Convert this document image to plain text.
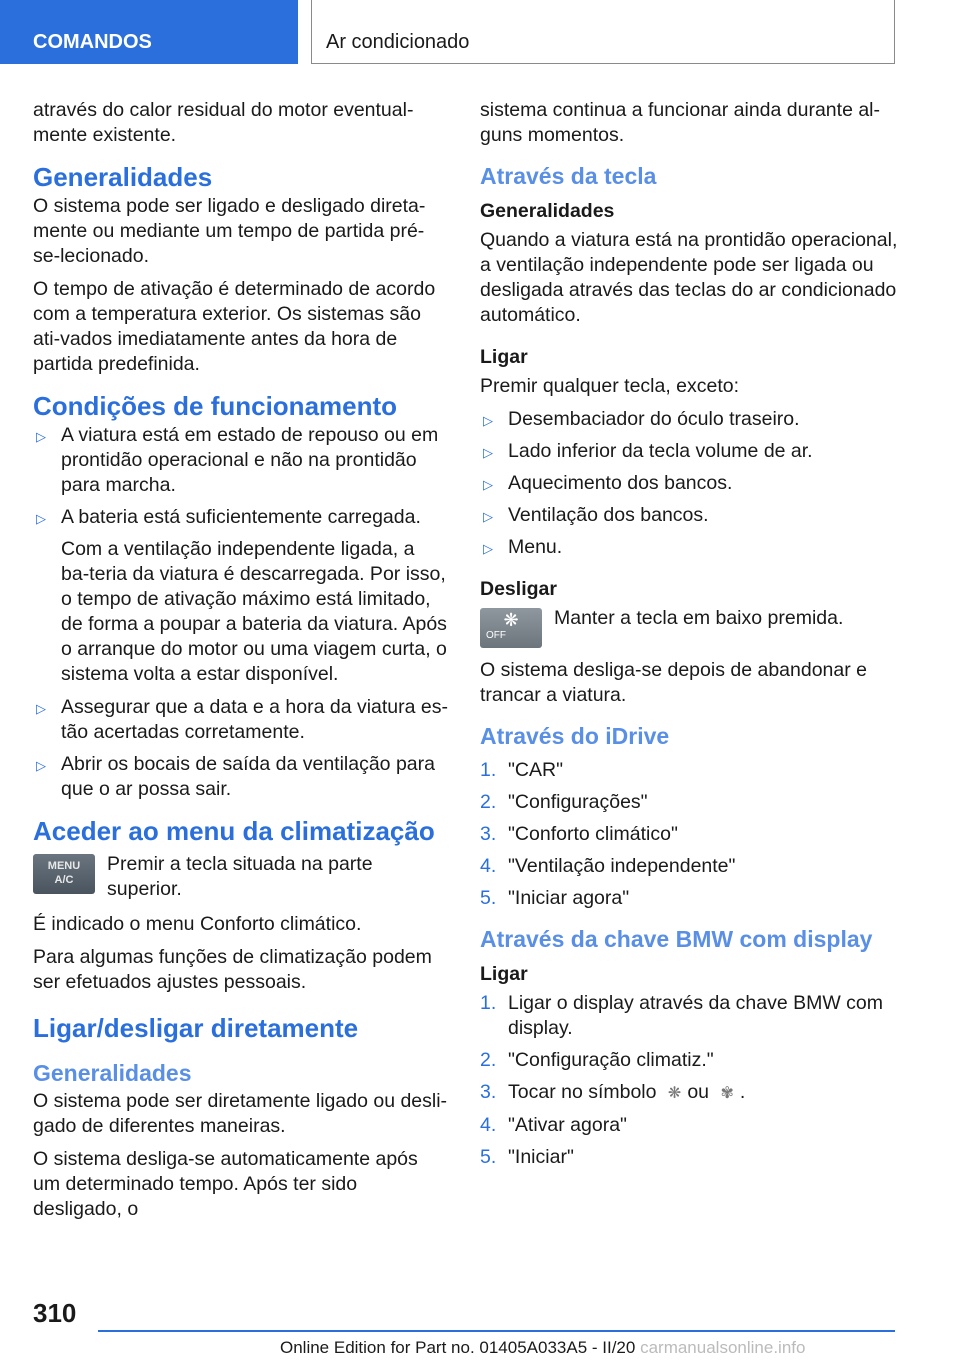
COMANDOS	Ar condicionado

através do calor residual do motor eventual-mente existente.

Generalidades

O sistema pode ser ligado e desligado direta-mente ou mediante um tempo de partida pré-se-lecionado.

O tempo de ativação é determinado de acordo com a temperatura exterior. Os sistemas são ati-vados imediatamente antes da hora de partida predefinida.

Condições de funcionamento
▷ A viatura está em estado de repouso ou em prontidão operacional e não na prontidão para marcha.
▷ A bateria está suficientemente carregada.

Com a ventilação independente ligada, a ba-teria da viatura é descarregada. Por isso, o tempo de ativação máximo está limitado, de forma a poupar a bateria da viatura. Após o arranque do motor ou uma viagem curta, o sistema volta a estar disponível.

▷ Assegurar que a data e a hora da viatura es-tão acertadas corretamente.
▷ Abrir os bocais de saída da ventilação para que o ar possa sair.
Aceder ao menu da climatização
MENU
A/C

Premir a tecla situada na parte superior.

É indicado o menu Conforto climático.

Para algumas funções de climatização podem ser efetuados ajustes pessoais.

Ligar/desligar diretamente
Generalidades

O sistema pode ser diretamente ligado ou desli-gado de diferentes maneiras.

O sistema desliga-se automaticamente após um determinado tempo. Após ter sido desligado, o

sistema continua a funcionar ainda durante al-guns momentos.

Através da tecla
Generalidades

Quando a viatura está na prontidão operacional, a ventilação independente pode ser ligada ou desligada através das teclas do ar condicionado automático.

Ligar

Premir qualquer tecla, exceto:

▷ Desembaciador do óculo traseiro.
▷ Lado inferior da tecla volume de ar.
▷ Aquecimento dos bancos.
▷ Ventilação dos bancos.
▷ Menu.
Desligar
❋
OFF

Manter a tecla em baixo premida.

O sistema desliga-se depois de abandonar e trancar a viatura.

Através do iDrive
1. "CAR"
2. "Configurações"
3. "Conforto climático"
4. "Ventilação independente"
5. "Iniciar agora"
Através da chave BMW com display
Ligar
1. Ligar o display através da chave BMW com display.
2. "Configuração climatiz."
3. Tocar no símbolo ❋ ou ✾ .
4. "Ativar agora"
5. "Iniciar"
310
Online Edition for Part no. 01405A033A5 - II/20 carmanualsonline.info
